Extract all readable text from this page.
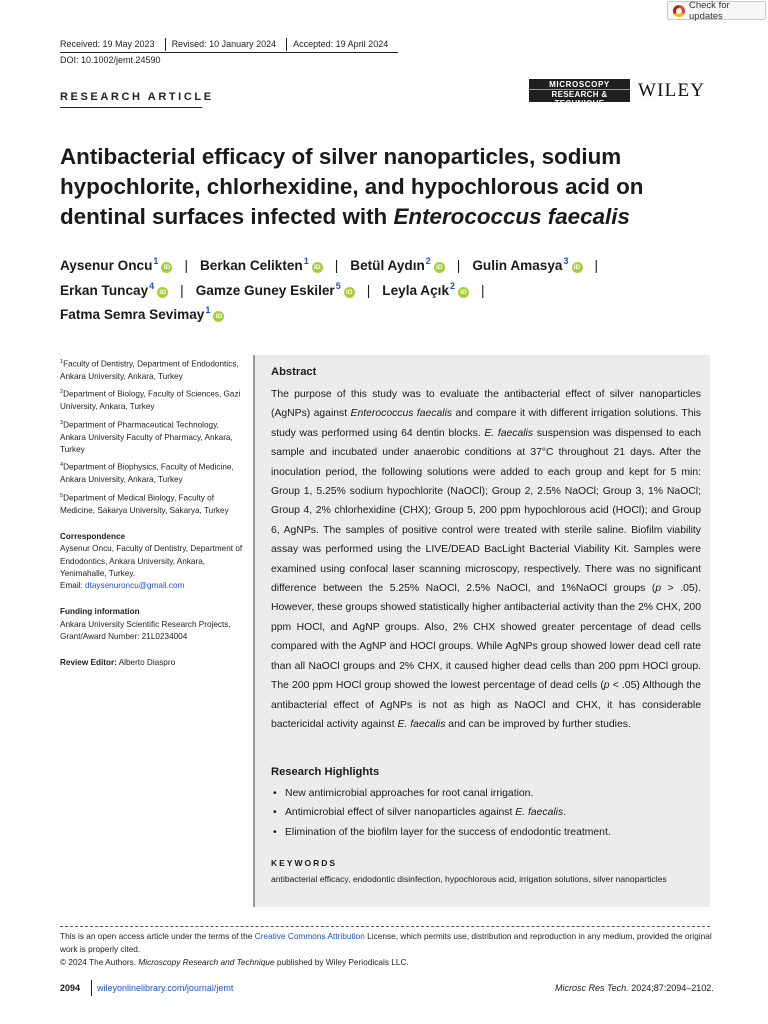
Check for updates
Received: 19 May 2023	Revised: 10 January 2024	Accepted: 19 April 2024
DOI: 10.1002/jemt.24590
RESEARCH ARTICLE
MICROSCOPY
RESEARCH & TECHNIQUE
WILEY
Antibacterial efficacy of silver nanoparticles, sodium hypochlorite, chlorhexidine, and hypochlorous acid on dentinal surfaces infected with Enterococcus faecalis
Aysenur Oncu$^1$iD | Berkan Celikten$^1$iD | Betül Aydın$^2$iD | Gulin Amasya$^3$iD |
Erkan Tuncay$^4$iD | Gamze Guney Eskiler$^5$iD | Leyla Açık$^2$iD |
Fatma Semra Sevimay$^1$iD
$^1$Faculty of Dentistry, Department of Endodontics, Ankara University, Ankara, Turkey
$^2$Department of Biology, Faculty of Sciences, Gazi University, Ankara, Turkey
$^3$Department of Pharmaceutical Technology, Ankara University Faculty of Pharmacy, Ankara, Turkey
$^4$Department of Biophysics, Faculty of Medicine, Ankara University, Ankara, Turkey
$^5$Department of Medical Biology, Faculty of Medicine, Sakarya University, Sakarya, Turkey
Correspondence
Aysenur Oncu, Faculty of Dentistry, Department of Endodontics, Ankara University, Ankara, Yenimahalle, Turkey.
Email: dtaysenuroncu@gmail.com
Funding information
Ankara University Scientific Research Projects, Grant/Award Number: 21L0234004
Review Editor: Alberto Diaspro
Abstract
The purpose of this study was to evaluate the antibacterial effect of silver nanoparticles (AgNPs) against Enterococcus faecalis and compare it with different irrigation solutions. This study was performed using 64 dentin blocks. E. faecalis suspension was dispensed to each sample and incubated under anaerobic conditions at 37°C throughout 21 days. After the inoculation period, the following solutions were added to each group and kept for 5 min: Group 1, 5.25% sodium hypochlorite (NaOCl); Group 2, 2.5% NaOCl; Group 3, 1% NaOCl; Group 4, 2% chlorhexidine (CHX); Group 5, 200 ppm hypochlorous acid (HOCl); and Group 6, AgNPs. The samples of positive control were treated with sterile saline. Biofilm viability assay was performed using the LIVE/DEAD BacLight Bacterial Viability Kit. Samples were examined using confocal laser scanning microscopy, respectively. There was no significant difference between the 5.25% NaOCl, 2.5% NaOCl, and 1%NaOCl groups (p > .05). However, these groups showed statistically higher antibacterial activity than the 2% CHX, 200 ppm HOCl, and AgNP groups. Also, 2% CHX showed greater percentage of dead cells compared with the AgNP and HOCl groups. While AgNPs group showed lower dead cell rate than all NaOCl groups and 2% CHX, it caused higher dead cells than 200 ppm HOCl group. The 200 ppm HOCl group showed the lowest percentage of dead cells (p < .05) Although the antibacterial effect of AgNPs is not as high as NaOCl and CHX, it has considerable bactericidal activity against E. faecalis and can be improved by further studies.
Research Highlights
• New antimicrobial approaches for root canal irrigation.
• Antimicrobial effect of silver nanoparticles against E. faecalis.
• Elimination of the biofilm layer for the success of endodontic treatment.
KEYWORDS
antibacterial efficacy, endodontic disinfection, hypochlorous acid, irrigation solutions, silver nanoparticles
This is an open access article under the terms of the Creative Commons Attribution License, which permits use, distribution and reproduction in any medium, provided the original work is properly cited.
© 2024 The Authors. Microscopy Research and Technique published by Wiley Periodicals LLC.
2094 wileyonlinelibrary.com/journal/jemt	Microsc Res Tech. 2024;87:2094–2102.
